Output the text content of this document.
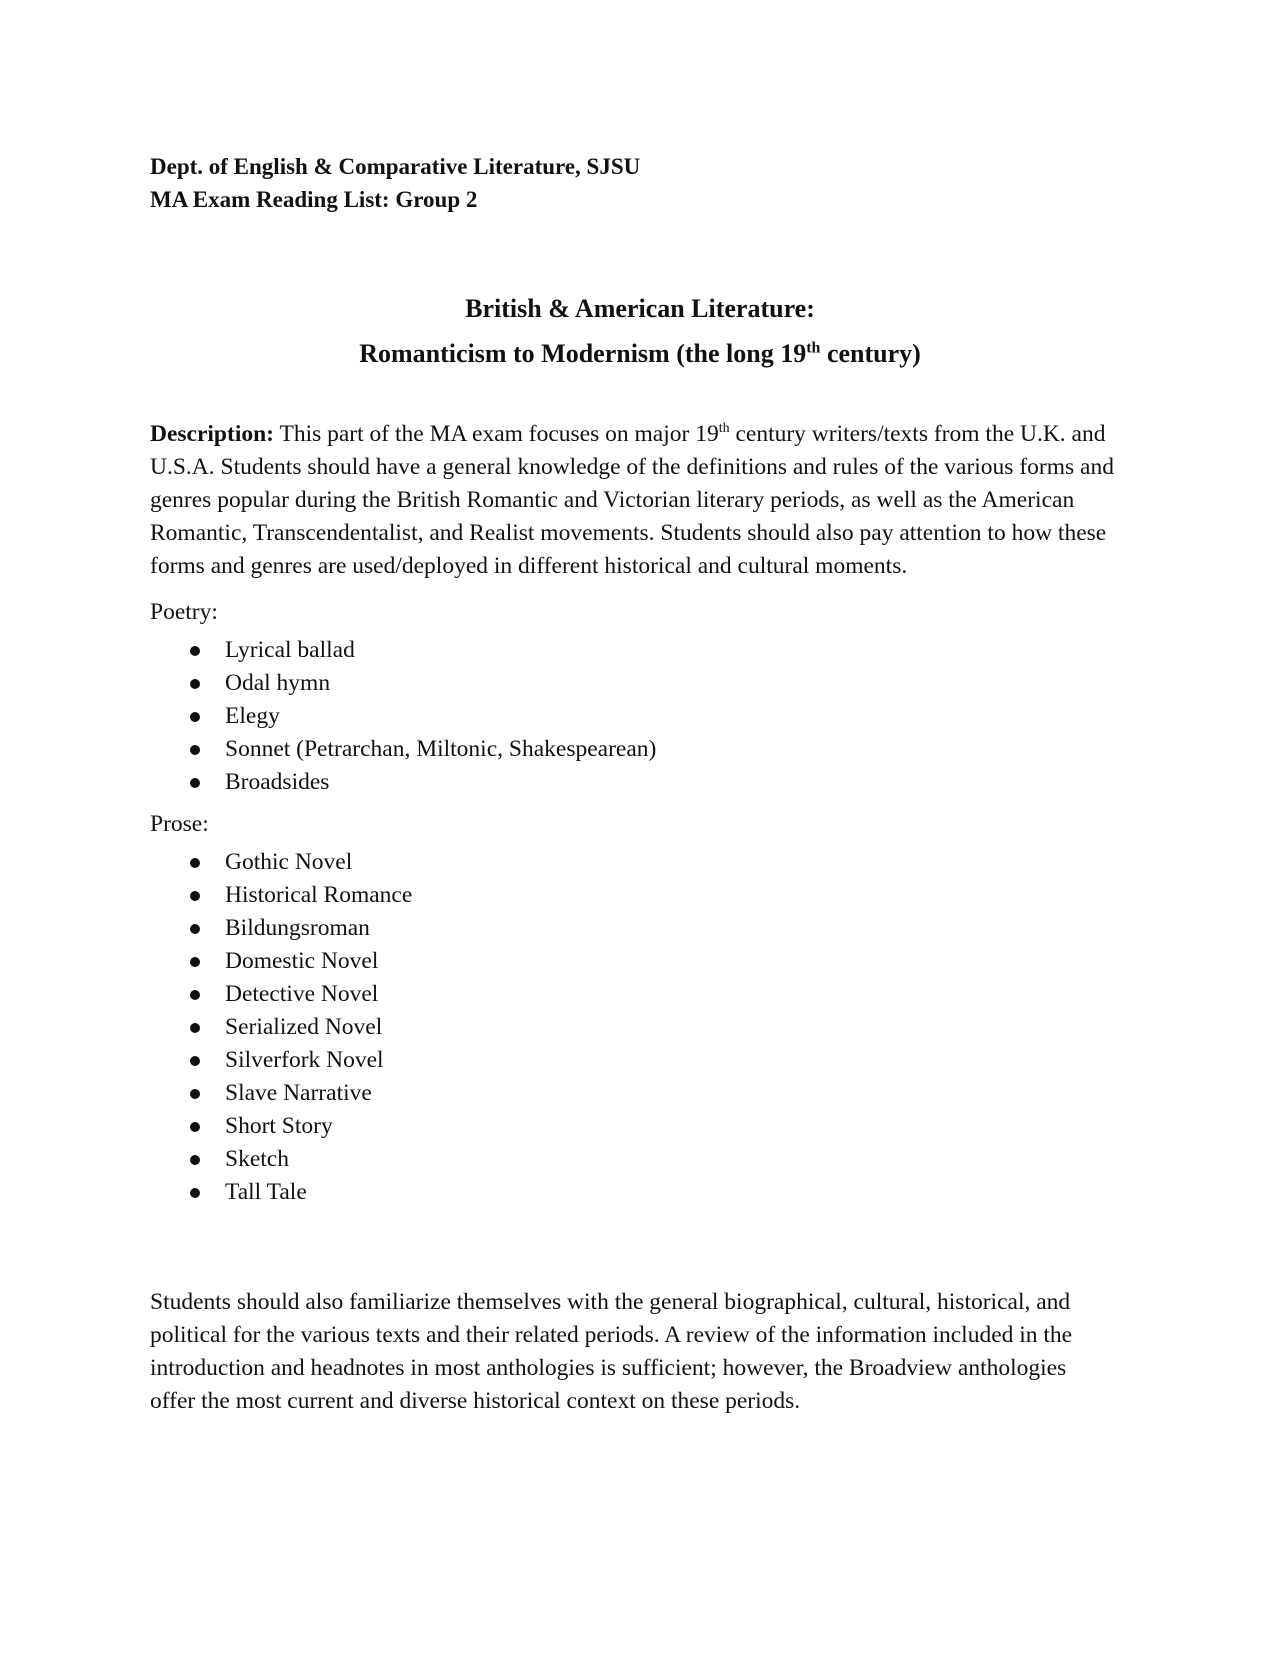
Dept. of English & Comparative Literature, SJSU
MA Exam Reading List: Group 2
British & American Literature:
Romanticism to Modernism (the long 19th century)
Description: This part of the MA exam focuses on major 19th century writers/texts from the U.K. and U.S.A. Students should have a general knowledge of the definitions and rules of the various forms and genres popular during the British Romantic and Victorian literary periods, as well as the American Romantic, Transcendentalist, and Realist movements. Students should also pay attention to how these forms and genres are used/deployed in different historical and cultural moments.
Poetry:
Lyrical ballad
Odal hymn
Elegy
Sonnet (Petrarchan, Miltonic, Shakespearean)
Broadsides
Prose:
Gothic Novel
Historical Romance
Bildungsroman
Domestic Novel
Detective Novel
Serialized Novel
Silverfork Novel
Slave Narrative
Short Story
Sketch
Tall Tale
Students should also familiarize themselves with the general biographical, cultural, historical, and political for the various texts and their related periods. A review of the information included in the introduction and headnotes in most anthologies is sufficient; however, the Broadview anthologies offer the most current and diverse historical context on these periods.
